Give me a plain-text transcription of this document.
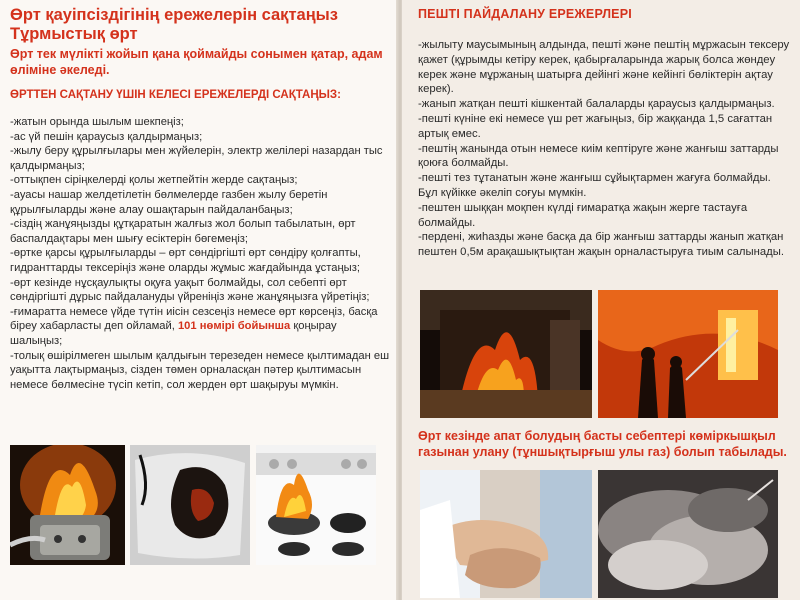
Өрт қауіпсіздігінің ережелерін сақтаңыз
Тұрмыстық өрт

Өрт тек мүлікті жойып қана қоймайды сонымен қатар, адам өліміне әкеледі.

ӨРТТЕН САҚТАНУ ҮШІН КЕЛЕСІ ЕРЕЖЕЛЕРДІ САҚТАҢЫЗ:

-жатын орында шылым шекпеңіз;
-ас үй пешін қараусыз қалдырмаңыз;
-жылу беру құрылғылары мен жүйелерін, электр желілері назардан тыс қалдырмаңыз;
-оттықпен сіріңкелерді қолы жетпейтін жерде сақтаңыз;
-ауасы нашар желдетілетін бөлмелерде газбен жылу беретін құрылғыларды және алау ошақтарын пайдаланбаңыз;
-сіздің жанұяңызды құтқаратын жалғыз жол болып табылатын, өрт баспалдақтары мен шығу есіктерін бөгемеңіз;
-өртке қарсы құрылғыларды – өрт сөндіргішті өрт сөндіру қолғапты, гидранттарды тексеріңіз және оларды жұмыс жағдайында ұстаңыз;
-өрт кезінде нұсқаулықты оқуға уақыт болмайды, сол себепті өрт сөндіргішті дұрыс пайдалануды үйреніңіз және жанұяңызға үйретіңіз;
-ғимаратта немесе үйде түтін иісін сезсеңіз немесе өрт көрсеңіз, басқа біреу хабарласты деп ойламай, 101 нөмірі бойынша қоңырау шалыңыз;
-толық өшірілмеген шылым қалдығын терезеден немесе қылтимадан еш уақытта лақтырмаңыз, сізден төмен орналасқан пәтер қылтимасын немесе бөлмесіне түсіп кетіп, сол жерден өрт шақыруы мүмкін.
ПЕШТІ ПАЙДАЛАНУ ЕРЕЖЕРЛЕРІ
-жылыту маусымының алдында, пешті және пештің мұржасын тексеру қажет (құрымды кетіру керек, қабырғаларында жарық болса жөндеу керек және мұржаның шатырға дейінгі және кейінгі бөліктерін ақтау керек).
-жанып жатқан пешті кішкентай балаларды қараусыз қалдырмаңыз.
-пешті күніне екі немесе үш рет жағыңыз, бір жаққанда 1,5 сағаттан артық емес.
-пештің жанында отын немесе киім кептіруге және жанғыш заттарды қоюға болмайды.
-пешті тез тұтанатын және жанғыш сұйықтармен жағуға болмайды. Бұл күйікке әкеліп соғуы мүмкін.
-пештен шыққан моқпен күлді ғимаратқа жақын жерге тастауға болмайды.
-пердені, жиһазды және басқа да бір жанғыш заттарды жанып жатқан пештен 0,5м арақашықтықтан жақын орналастыруға тиым салынады.

Өрт кезінде апат болудың басты себептері көміркышқыл газынан улану (тұншықтырғыш улы газ) болып табылады.
